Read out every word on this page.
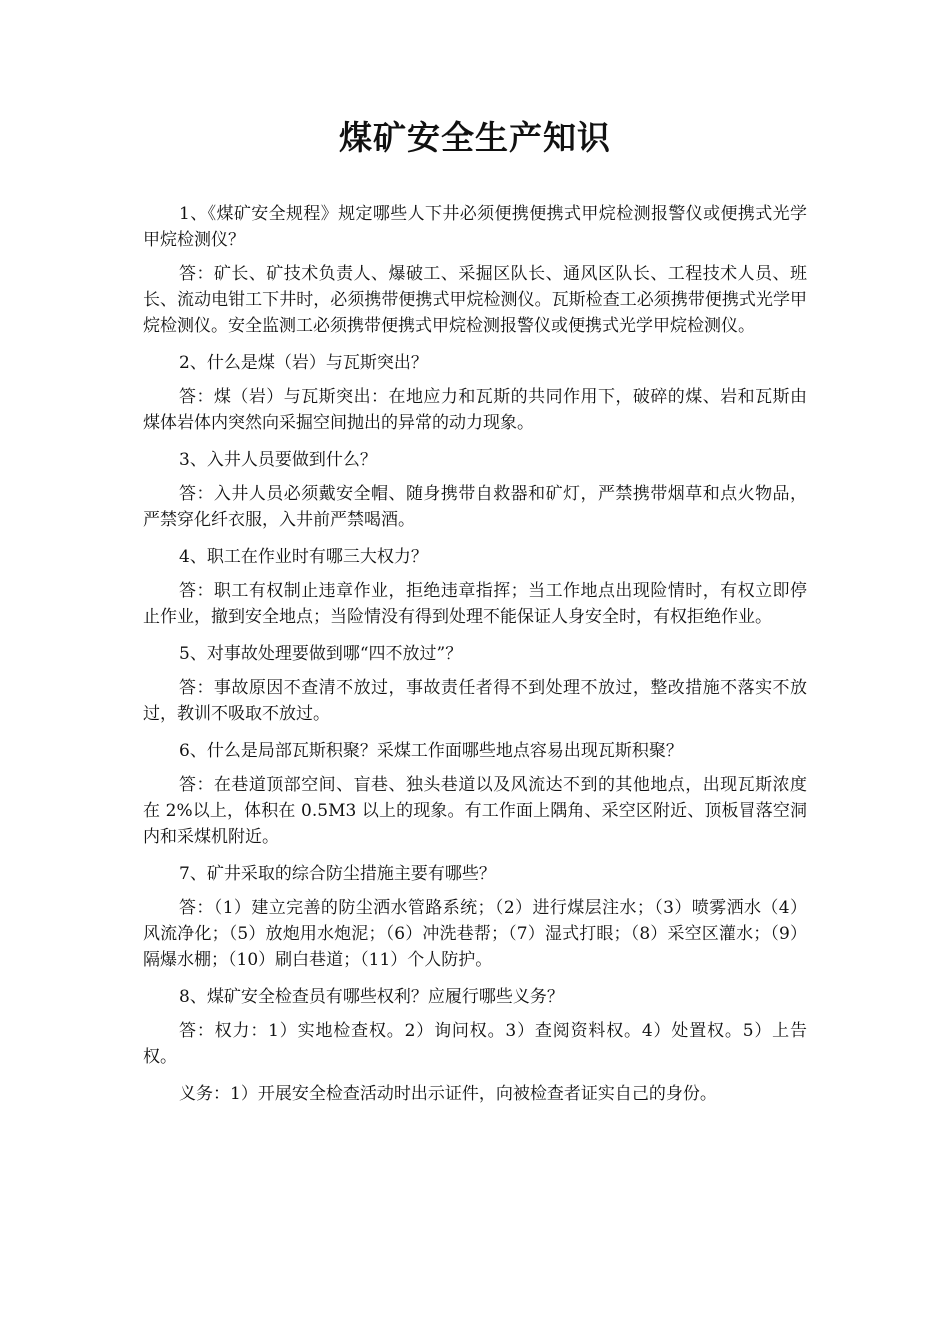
煤矿安全生产知识

1、《煤矿安全规程》规定哪些人下井必须便携便携式甲烷检测报警仪或便携式光学甲烷检测仪？

答：矿长、矿技术负责人、爆破工、采掘区队长、通风区队长、工程技术人员、班长、流动电钳工下井时，必须携带便携式甲烷检测仪。瓦斯检查工必须携带便携式光学甲烷检测仪。安全监测工必须携带便携式甲烷检测报警仪或便携式光学甲烷检测仪。

2、什么是煤（岩）与瓦斯突出？

答：煤（岩）与瓦斯突出：在地应力和瓦斯的共同作用下，破碎的煤、岩和瓦斯由煤体岩体内突然向采掘空间抛出的异常的动力现象。

3、入井人员要做到什么？

答：入井人员必须戴安全帽、随身携带自救器和矿灯，严禁携带烟草和点火物品，严禁穿化纤衣服，入井前严禁喝酒。

4、职工在作业时有哪三大权力？

答：职工有权制止违章作业，拒绝违章指挥；当工作地点出现险情时，有权立即停止作业，撤到安全地点；当险情没有得到处理不能保证人身安全时，有权拒绝作业。

5、对事故处理要做到哪“四不放过”？

答：事故原因不查清不放过，事故责任者得不到处理不放过，整改措施不落实不放过，教训不吸取不放过。

6、什么是局部瓦斯积聚？采煤工作面哪些地点容易出现瓦斯积聚？

答：在巷道顶部空间、盲巷、独头巷道以及风流达不到的其他地点，出现瓦斯浓度在 2%以上，体积在 0.5M3 以上的现象。有工作面上隅角、采空区附近、顶板冒落空洞内和采煤机附近。

7、矿井采取的综合防尘措施主要有哪些？

答：（1）建立完善的防尘洒水管路系统；（2）进行煤层注水；（3）喷雾洒水（4）风流净化；（5）放炮用水炮泥；（6）冲洗巷帮；（7）湿式打眼；（8）采空区灌水；（9）隔爆水棚；（10）刷白巷道；（11）个人防护。

8、煤矿安全检查员有哪些权利？应履行哪些义务？

答：权力：1）实地检查权。2）询问权。3）查阅资料权。4）处置权。5）上告权。

义务：1）开展安全检查活动时出示证件，向被检查者证实自己的身份。
